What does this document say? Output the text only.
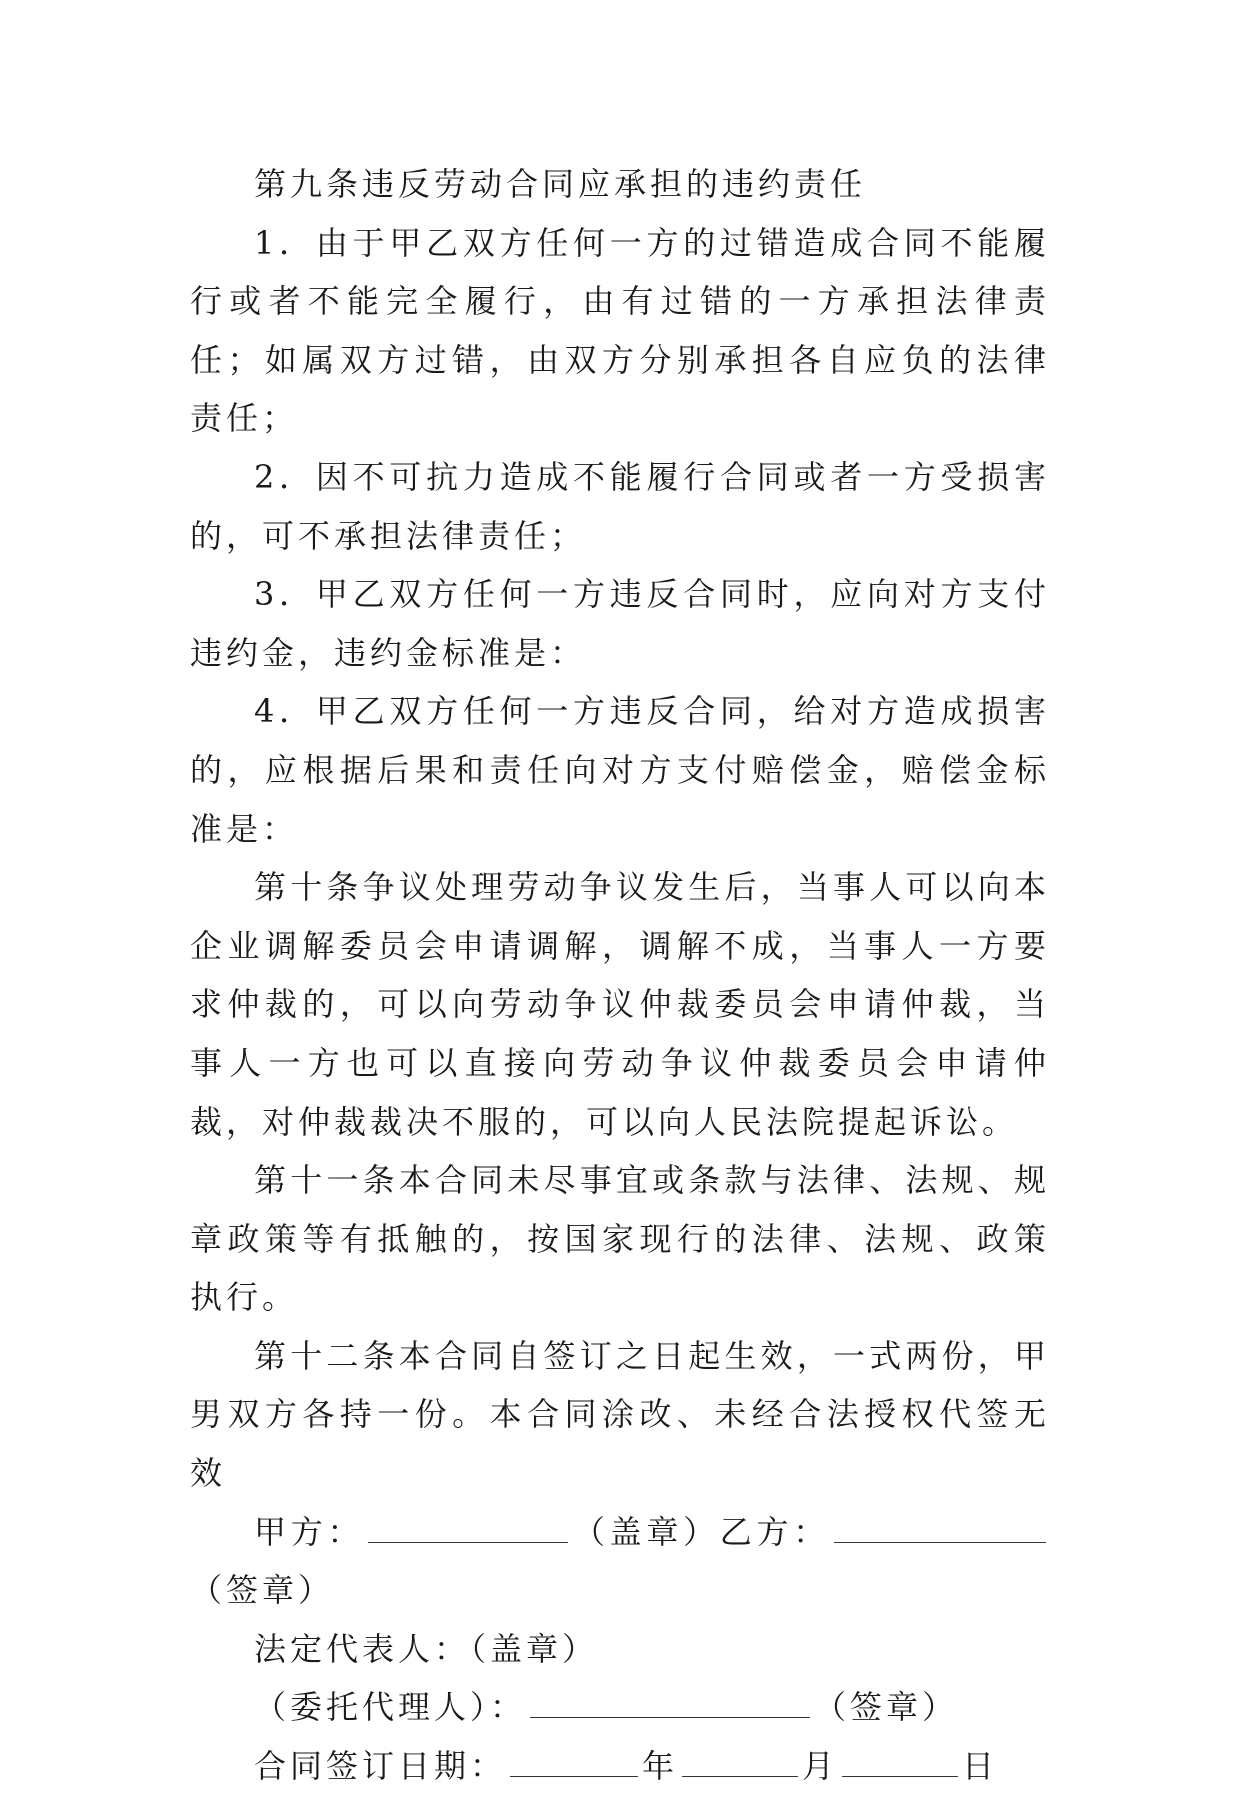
第九条违反劳动合同应承担的违约责任

1．由于甲乙双方任何一方的过错造成合同不能履行或者不能完全履行，由有过错的一方承担法律责任；如属双方过错，由双方分别承担各自应负的法律责任；

2．因不可抗力造成不能履行合同或者一方受损害的，可不承担法律责任；

3．甲乙双方任何一方违反合同时，应向对方支付违约金，违约金标准是：

4．甲乙双方任何一方违反合同，给对方造成损害的，应根据后果和责任向对方支付赔偿金，赔偿金标准是：

第十条争议处理劳动争议发生后，当事人可以向本企业调解委员会申请调解，调解不成，当事人一方要求仲裁的，可以向劳动争议仲裁委员会申请仲裁，当事人一方也可以直接向劳动争议仲裁委员会申请仲裁，对仲裁裁决不服的，可以向人民法院提起诉讼。

第十一条本合同未尽事宜或条款与法律、法规、规章政策等有抵触的，按国家现行的法律、法规、政策执行。

第十二条本合同自签订之日起生效，一式两份，甲男双方各持一份。本合同涂改、未经合法授权代签无效

甲方：	（盖章）乙方：（签章）

法定代表人：（盖章）

（委托代理人）：	（签章）

合同签订日期：	年	月	日
